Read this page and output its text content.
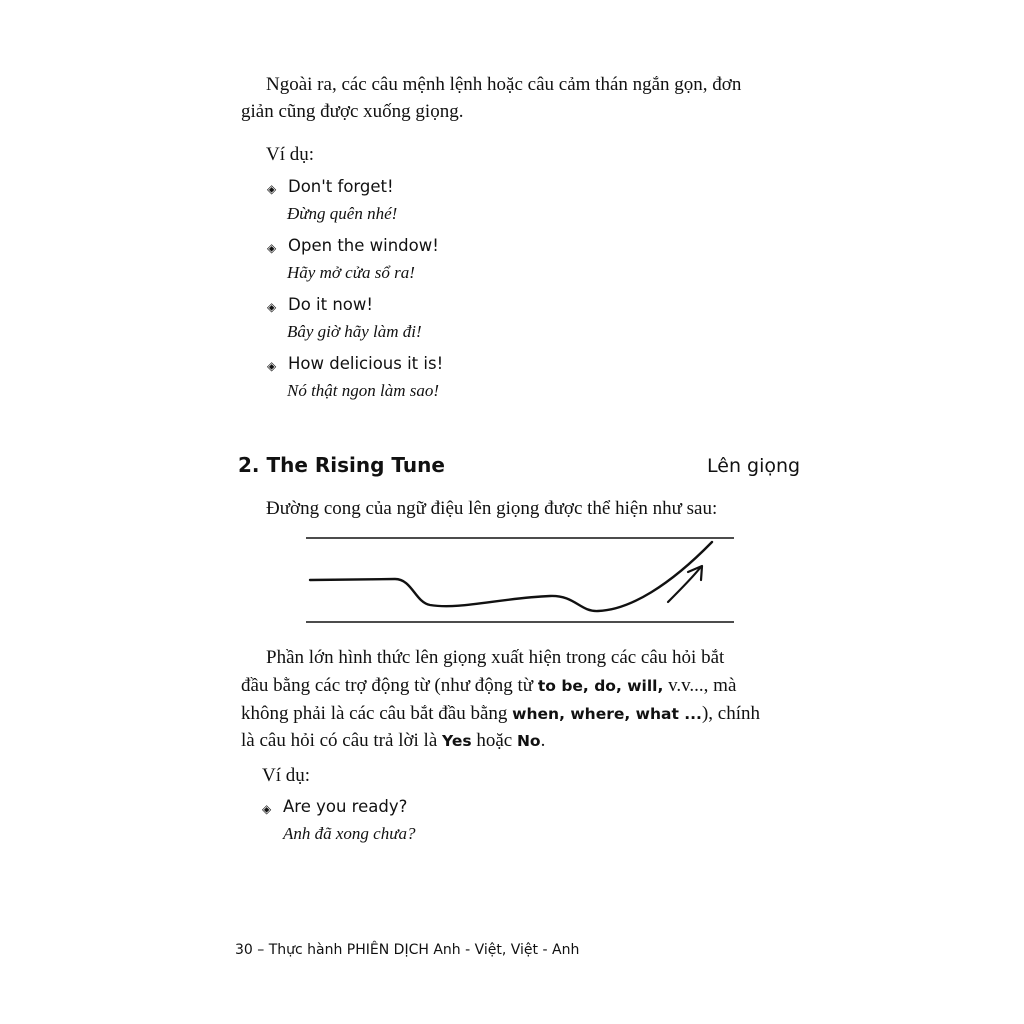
Ngoài ra, các câu mệnh lệnh hoặc câu cảm thán ngắn gọn, đơn
giản cũng được xuống giọng.
Ví dụ:
◈ Don't forget!
Đừng quên nhé!
◈ Open the window!
Hãy mở cửa sổ ra!
◈ Do it now!
Bây giờ hãy làm đi!
◈ How delicious it is!
Nó thật ngon làm sao!
2. The Rising Tune	Lên giọng
Đường cong của ngữ điệu lên giọng được thể hiện như sau:
Phần lớn hình thức lên giọng xuất hiện trong các câu hỏi bắt
đầu bằng các trợ động từ (như động từ to be, do, will, v.v..., mà
không phải là các câu bắt đầu bằng when, where, what ...), chính
là câu hỏi có câu trả lời là Yes hoặc No.
Ví dụ:
◈ Are you ready?
Anh đã xong chưa?
30 – Thực hành PHIÊN DỊCH Anh - Việt, Việt - Anh
